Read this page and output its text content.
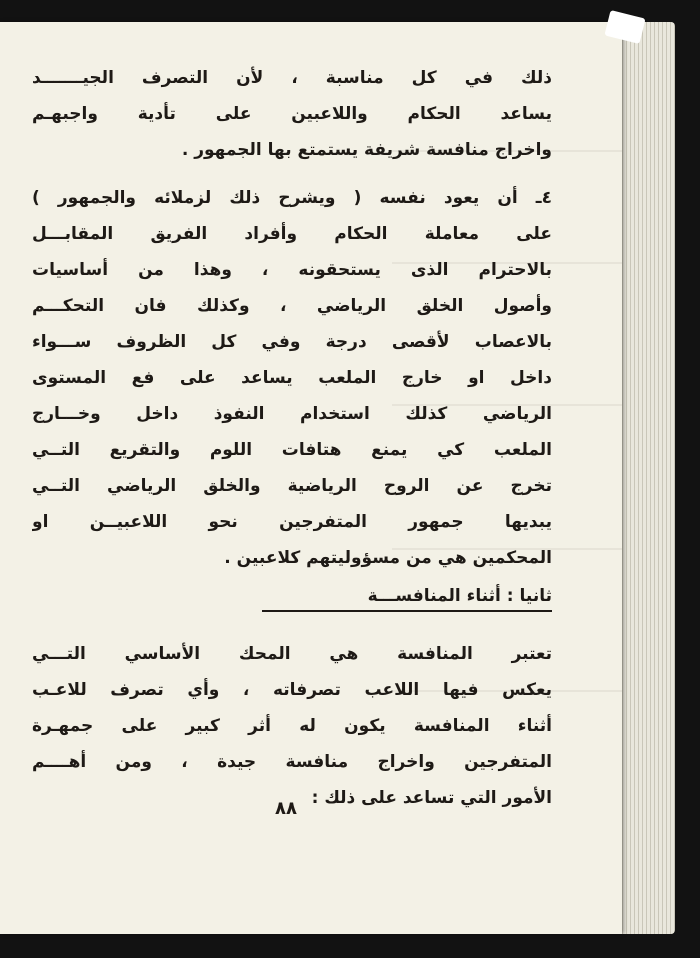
ذلك في كل مناسبة ، لأن التصرف الجيـــــــد
يساعد الحكام واللاعبين على تأدية واجبهـم
واخراج منافسة شريفة يستمتع بها الجمهور .
٤ـ أن يعود نفسه ( ويشرح ذلك لزملائه والجمهور )
على معاملة الحكام وأفراد الفريق المقابـــل
بالاحترام الذى يستحقونه ، وهذا من أساسيات
وأصول الخلق الرياضي ، وكذلك فان التحكـــم
بالاعصاب لأقصى درجة وفي كل الظروف ســـواء
داخل او خارج الملعب يساعد على فع المستوى
الرياضي كذلك استخدام النفوذ داخل وخـــارج
الملعب كي يمنع هتافات اللوم والتقريع التــي
تخرج عن الروح الرياضية والخلق الرياضي التــي
يبديها جمهور المتفرجين نحو اللاعبيــن او
المحكمين هي من مسؤوليتهم كلاعبين .
ثانيا : أثناء المنافســـة
تعتبر المنافسة هي المحك الأساسي التـــي
يعكس فيها اللاعب تصرفاته ، وأي تصرف للاعـب
أثناء المنافسة يكون له أثر كبير على جمهـرة
المتفرجين واخراج منافسة جيدة ، ومن أهــــم
الأمور التي تساعد على ذلك :
٨٨
